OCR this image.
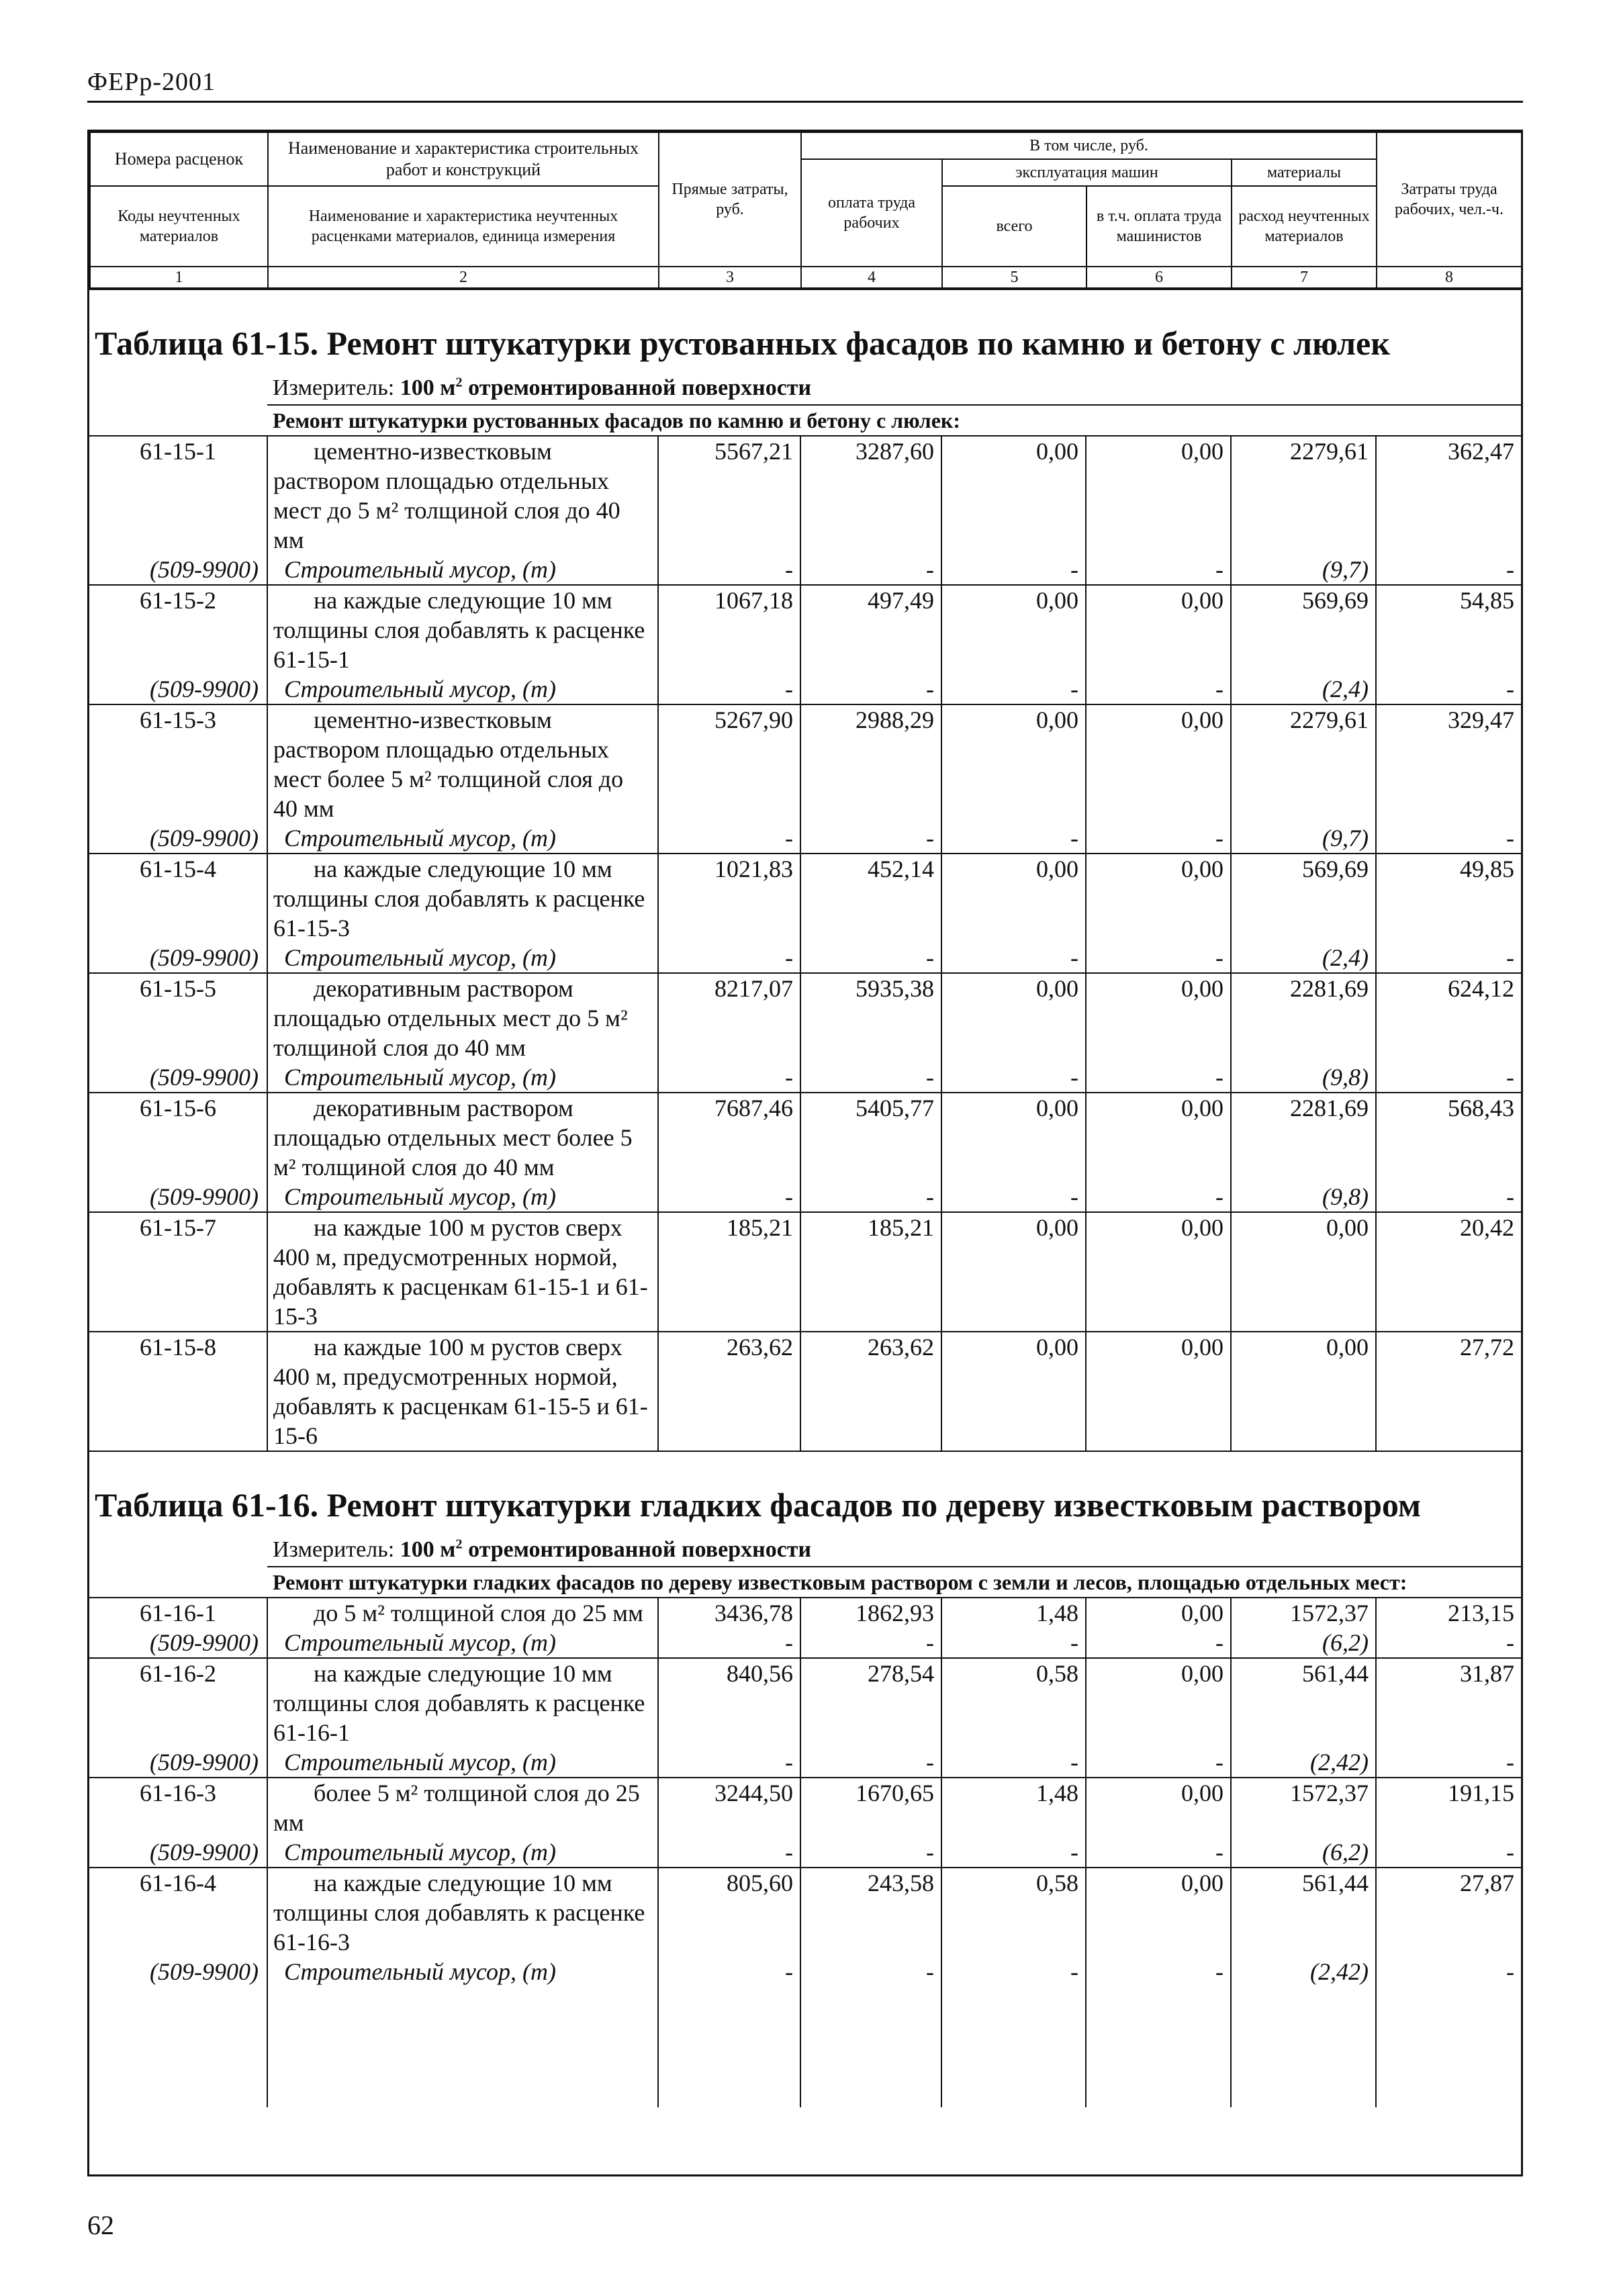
ФЕРр-2001
Номера расценок	Наименование и характеристика строительных работ и конструкций	Прямые затраты, руб.	В том числе, руб.				Затраты труда рабочих, чел.-ч.
			оплата труда рабочих	эксплуатация машин		материалы	
Коды неучтенных материалов	Наименование и характеристика неучтенных расценками материалов, единица измерения			всего	в т.ч. оплата труда машинистов	расход неучтенных материалов	

1	2	3	4	5	6	7	8
Таблица 61-15. Ремонт штукатурки рустованных фасадов по камню и бетону с люлек							
	Измеритель: 100 $м^2$ отремонтированной поверхности						
	Ремонт штукатурки рустованных фасадов по камню и бетону с люлек:						
61-15-1	цементно-известковым раствором площадью отдельных мест до 5 м² толщиной слоя до 40 мм	5567,21	3287,60	0,00	0,00	2279,61	362,47
(509-9900)	Строительный мусор, (т)	-	-	-	-	(9,7)	-
61-15-2	на каждые следующие 10 мм толщины слоя добавлять к расценке 61-15-1	1067,18	497,49	0,00	0,00	569,69	54,85
(509-9900)	Строительный мусор, (т)	-	-	-	-	(2,4)	-
61-15-3	цементно-известковым раствором площадью отдельных мест более 5 м² толщиной слоя до 40 мм	5267,90	2988,29	0,00	0,00	2279,61	329,47
(509-9900)	Строительный мусор, (т)	-	-	-	-	(9,7)	-
61-15-4	на каждые следующие 10 мм толщины слоя добавлять к расценке 61-15-3	1021,83	452,14	0,00	0,00	569,69	49,85
(509-9900)	Строительный мусор, (т)	-	-	-	-	(2,4)	-
61-15-5	декоративным раствором площадью отдельных мест до 5 м² толщиной слоя до 40 мм	8217,07	5935,38	0,00	0,00	2281,69	624,12
(509-9900)	Строительный мусор, (т)	-	-	-	-	(9,8)	-
61-15-6	декоративным раствором площадью отдельных мест более 5 м² толщиной слоя до 40 мм	7687,46	5405,77	0,00	0,00	2281,69	568,43
(509-9900)	Строительный мусор, (т)	-	-	-	-	(9,8)	-
61-15-7	на каждые 100 м рустов сверх 400 м, предусмотренных нормой, добавлять к расценкам 61-15-1 и 61-15-3	185,21	185,21	0,00	0,00	0,00	20,42
61-15-8	на каждые 100 м рустов сверх 400 м, предусмотренных нормой, добавлять к расценкам 61-15-5 и 61-15-6	263,62	263,62	0,00	0,00	0,00	27,72
Таблица 61-16. Ремонт штукатурки гладких фасадов по дереву известковым раствором							
	Измеритель: 100 $м^2$ отремонтированной поверхности						
	Ремонт штукатурки гладких фасадов по дереву известковым раствором с земли и лесов, площадью отдельных мест:						
61-16-1	до 5 м² толщиной слоя до 25 мм	3436,78	1862,93	1,48	0,00	1572,37	213,15
(509-9900)	Строительный мусор, (т)	-	-	-	-	(6,2)	-
61-16-2	на каждые следующие 10 мм толщины слоя добавлять к расценке 61-16-1	840,56	278,54	0,58	0,00	561,44	31,87
(509-9900)	Строительный мусор, (т)	-	-	-	-	(2,42)	-
61-16-3	более 5 м² толщиной слоя до 25 мм	3244,50	1670,65	1,48	0,00	1572,37	191,15
(509-9900)	Строительный мусор, (т)	-	-	-	-	(6,2)	-
61-16-4	на каждые следующие 10 мм толщины слоя добавлять к расценке 61-16-3	805,60	243,58	0,58	0,00	561,44	27,87
(509-9900)	Строительный мусор, (т)	-	-	-	-	(2,42)	-

62
